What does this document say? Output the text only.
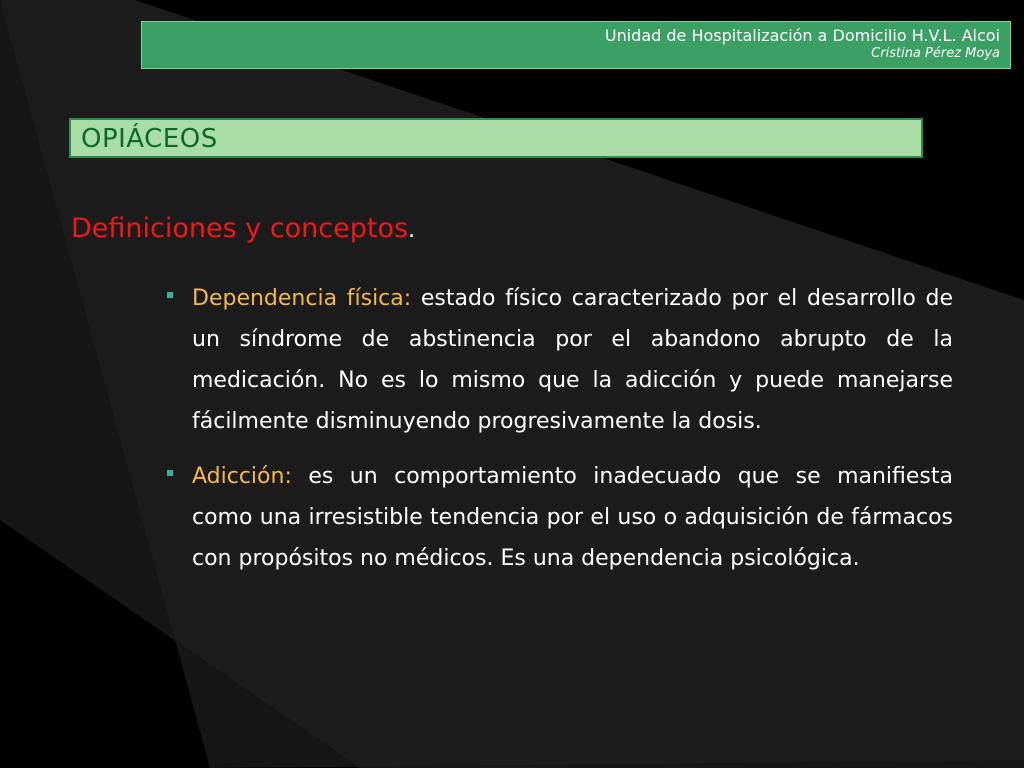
Unidad de Hospitalización a Domicilio H.V.L. Alcoi
Cristina Pérez Moya
OPIÁCEOS
Definiciones y conceptos.
Dependencia física: estado físico caracterizado por el desarrollo de un síndrome de abstinencia por el abandono abrupto de la medicación. No es lo mismo que la adicción y puede manejarse fácilmente disminuyendo progresivamente la dosis.
Adicción: es un comportamiento inadecuado que se manifiesta como una irresistible tendencia por el uso o adquisición de fármacos con propósitos no médicos. Es una dependencia psicológica.
